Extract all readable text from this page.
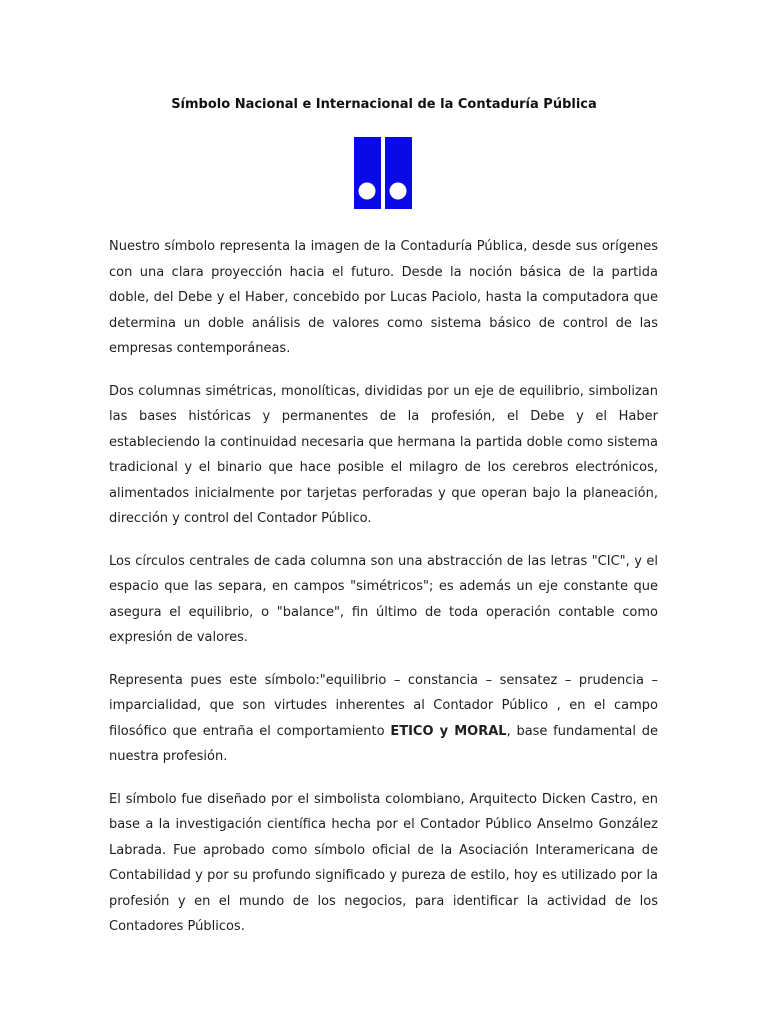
Símbolo Nacional e Internacional de la Contaduría Pública

Nuestro símbolo representa la imagen de la Contaduría Pública, desde sus orígenes con una clara proyección hacia el futuro. Desde la noción básica de la partida doble, del Debe y el Haber, concebido por Lucas Paciolo, hasta la computadora que determina un doble análisis de valores como sistema básico de control de las empresas contemporáneas.

Dos columnas simétricas, monolíticas, divididas por un eje de equilibrio, simbolizan las bases históricas y permanentes de la profesión, el Debe y el Haber estableciendo la continuidad necesaria que hermana la partida doble como sistema tradicional y el binario que hace posible el milagro de los cerebros electrónicos, alimentados inicialmente por tarjetas perforadas y que operan bajo la planeación, dirección y control del Contador Público.

Los círculos centrales de cada columna son una abstracción de las letras "CIC", y el espacio que las separa, en campos "simétricos"; es además un eje constante que asegura el equilibrio, o "balance", fin último de toda operación contable como expresión de valores.

Representa pues este símbolo:"equilibrio – constancia – sensatez – prudencia – imparcialidad, que son virtudes inherentes al Contador Público , en el campo filosófico que entraña el comportamiento ETICO y MORAL, base fundamental de nuestra profesión.

El símbolo fue diseñado por el simbolista colombiano, Arquitecto Dicken Castro, en base a la investigación científica hecha por el Contador Público Anselmo González Labrada. Fue aprobado como símbolo oficial de la Asociación Interamericana de Contabilidad y por su profundo significado y pureza de estilo, hoy es utilizado por la profesión y en el mundo de los negocios, para identificar la actividad de los Contadores Públicos.
